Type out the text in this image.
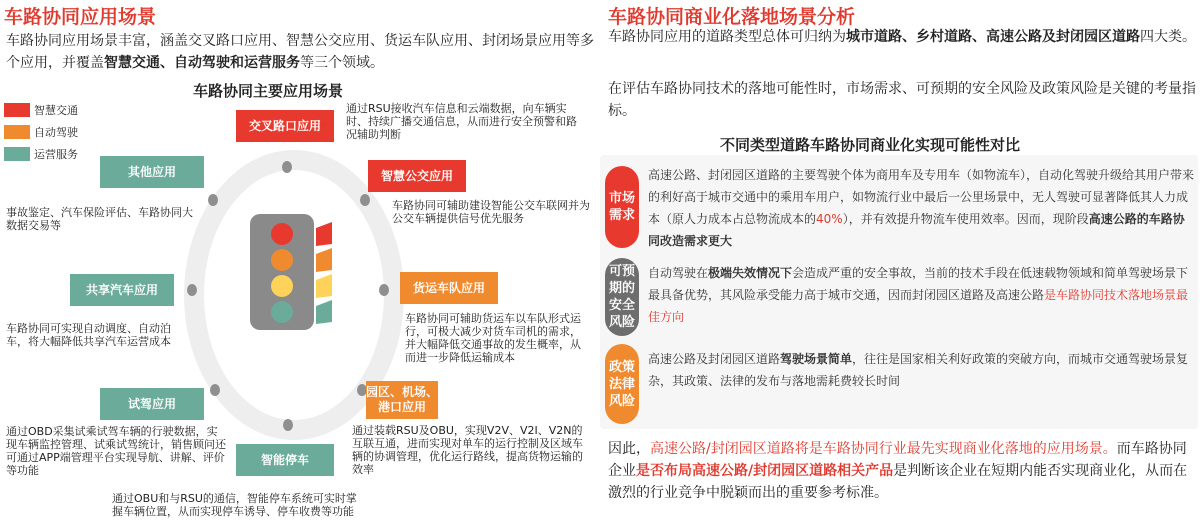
车路协同应用场景
车路协同应用场景丰富，涵盖交叉路口应用、智慧公交应用、货运车队应用、封闭场景应用等多个应用，并覆盖智慧交通、自动驾驶和运营服务等三个领域。
车路协同主要应用场景
智慧交通
自动驾驶
运营服务
交叉路口应用
智慧公交应用
货运车队应用
园区、机场、港口应用
智能停车
试驾应用
共享汽车应用
其他应用
通过RSU接收汽车信息和云端数据，向车辆实时、持续广播交通信息，从而进行安全预警和路况辅助判断
车路协同可辅助建设智能公交车联网并为公交车辆提供信号优先服务
车路协同可辅助货运车以车队形式运行，可极大减少对货车司机的需求，并大幅降低交通事故的发生概率，从而进一步降低运输成本
通过装载RSU及OBU，实现V2V、V2I、V2N的互联互通，进而实现对单车的运行控制及区域车辆的协调管理，优化运行路线，提高货物运输的效率
通过OBU和与RSU的通信，智能停车系统可实时掌握车辆位置，从而实现停车诱导、停车收费等功能
通过OBD采集试乘试驾车辆的行驶数据，实现车辆监控管理、试乘试驾统计，销售顾问还可通过APP端管理平台实现导航、讲解、评价等功能
车路协同可实现自动调度、自动泊车，将大幅降低共享汽车运营成本
事故鉴定、汽车保险评估、车路协同大数据交易等
车路协同商业化落地场景分析
车路协同应用的道路类型总体可归纳为城市道路、乡村道路、高速公路及封闭园区道路四大类。
在评估车路协同技术的落地可能性时，市场需求、可预期的安全风险及政策风险是关键的考量指标。
不同类型道路车路协同商业化实现可能性对比
市场需求
高速公路、封闭园区道路的主要驾驶个体为商用车及专用车（如物流车），自动化驾驶升级给其用户带来的利好高于城市交通中的乘用车用户，如物流行业中最后一公里场景中，无人驾驶可显著降低其人力成本（原人力成本占总物流成本的40%），并有效提升物流车使用效率。因而，现阶段高速公路的车路协同改造需求更大
可预期的安全风险
自动驾驶在极端失效情况下会造成严重的安全事故，当前的技术手段在低速载物领域和简单驾驶场景下最具备优势，其风险承受能力高于城市交通，因而封闭园区道路及高速公路是车路协同技术落地场景最佳方向
政策法律风险
高速公路及封闭园区道路驾驶场景简单，往往是国家相关利好政策的突破方向，而城市交通驾驶场景复杂，其政策、法律的发布与落地需耗费较长时间
因此，高速公路/封闭园区道路将是车路协同行业最先实现商业化落地的应用场景。而车路协同企业是否布局高速公路/封闭园区道路相关产品是判断该企业在短期内能否实现商业化，从而在激烈的行业竞争中脱颖而出的重要参考标准。
